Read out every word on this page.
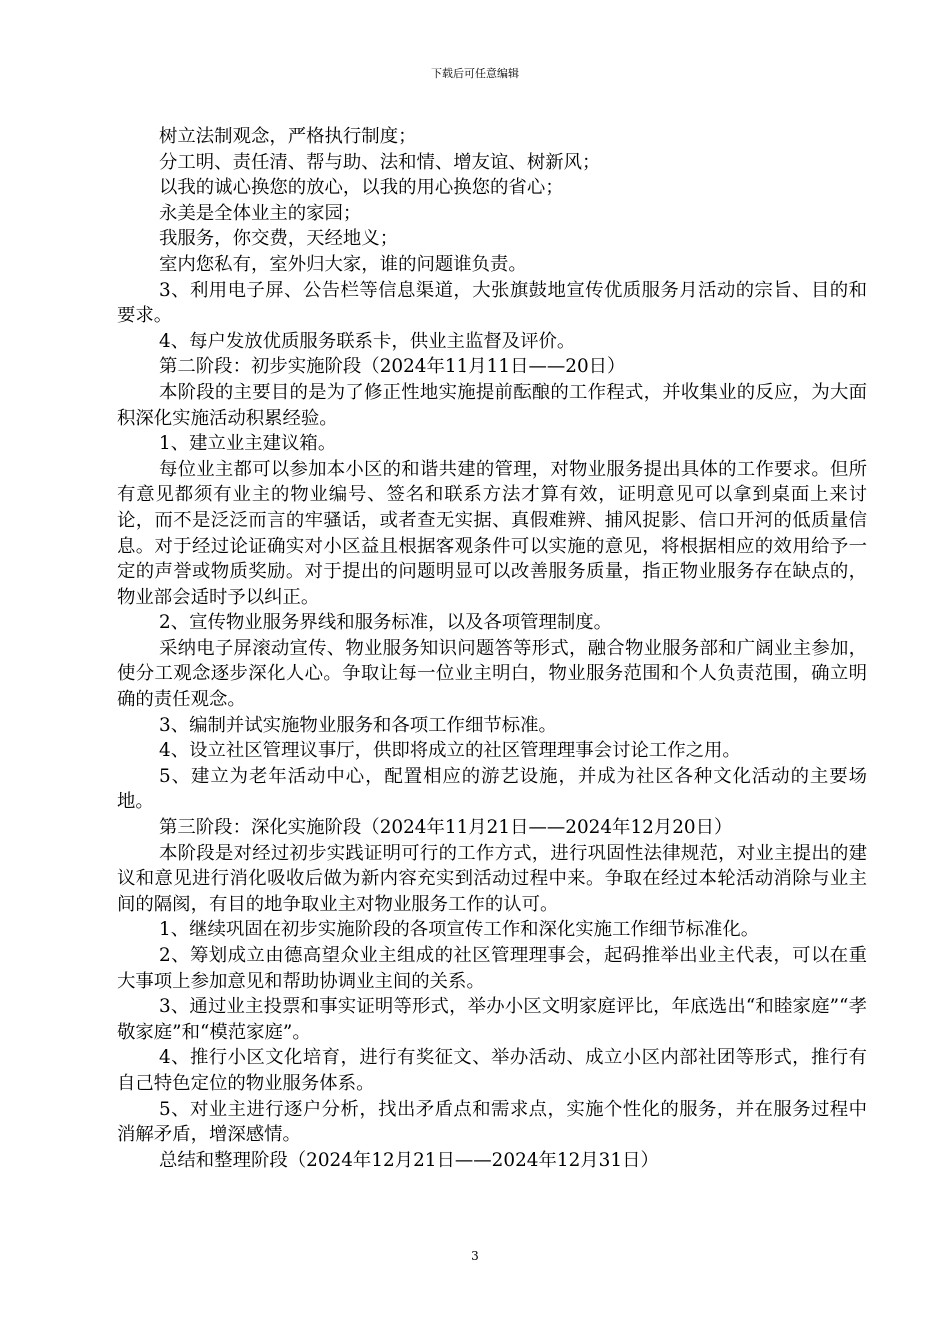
下载后可任意编辑

树立法制观念，严格执行制度；

分工明、责任清、帮与助、法和情、增友谊、树新风；

以我的诚心换您的放心，以我的用心换您的省心；

永美是全体业主的家园；

我服务，你交费，天经地义；

室内您私有，室外归大家，谁的问题谁负责。

3、利用电子屏、公告栏等信息渠道，大张旗鼓地宣传优质服务月活动的宗旨、目的和要求。

4、每户发放优质服务联系卡，供业主监督及评价。

第二阶段：初步实施阶段（2024年11月11日——20日）

本阶段的主要目的是为了修正性地实施提前酝酿的工作程式，并收集业的反应，为大面积深化实施活动积累经验。

1、建立业主建议箱。

每位业主都可以参加本小区的和谐共建的管理，对物业服务提出具体的工作要求。但所有意见都须有业主的物业编号、签名和联系方法才算有效，证明意见可以拿到桌面上来讨论，而不是泛泛而言的牢骚话，或者查无实据、真假难辨、捕风捉影、信口开河的低质量信息。对于经过论证确实对小区益且根据客观条件可以实施的意见，将根据相应的效用给予一定的声誉或物质奖励。对于提出的问题明显可以改善服务质量，指正物业服务存在缺点的，物业部会适时予以纠正。

2、宣传物业服务界线和服务标准，以及各项管理制度。

采纳电子屏滚动宣传、物业服务知识问题答等形式，融合物业服务部和广阔业主参加，使分工观念逐步深化人心。争取让每一位业主明白，物业服务范围和个人负责范围，确立明确的责任观念。

3、编制并试实施物业服务和各项工作细节标准。

4、设立社区管理议事厅，供即将成立的社区管理理事会讨论工作之用。

5、建立为老年活动中心，配置相应的游艺设施，并成为社区各种文化活动的主要场地。

第三阶段：深化实施阶段（2024年11月21日——2024年12月20日）

本阶段是对经过初步实践证明可行的工作方式，进行巩固性法律规范，对业主提出的建议和意见进行消化吸收后做为新内容充实到活动过程中来。争取在经过本轮活动消除与业主间的隔阂，有目的地争取业主对物业服务工作的认可。

1、继续巩固在初步实施阶段的各项宣传工作和深化实施工作细节标准化。

2、筹划成立由德高望众业主组成的社区管理理事会，起码推举出业主代表，可以在重大事项上参加意见和帮助协调业主间的关系。

3、通过业主投票和事实证明等形式，举办小区文明家庭评比，年底选出“和睦家庭”“孝敬家庭”和“模范家庭”。

4、推行小区文化培育，进行有奖征文、举办活动、成立小区内部社团等形式，推行有自己特色定位的物业服务体系。

5、对业主进行逐户分析，找出矛盾点和需求点，实施个性化的服务，并在服务过程中消解矛盾，增深感情。

总结和整理阶段（2024年12月21日——2024年12月31日）

3
